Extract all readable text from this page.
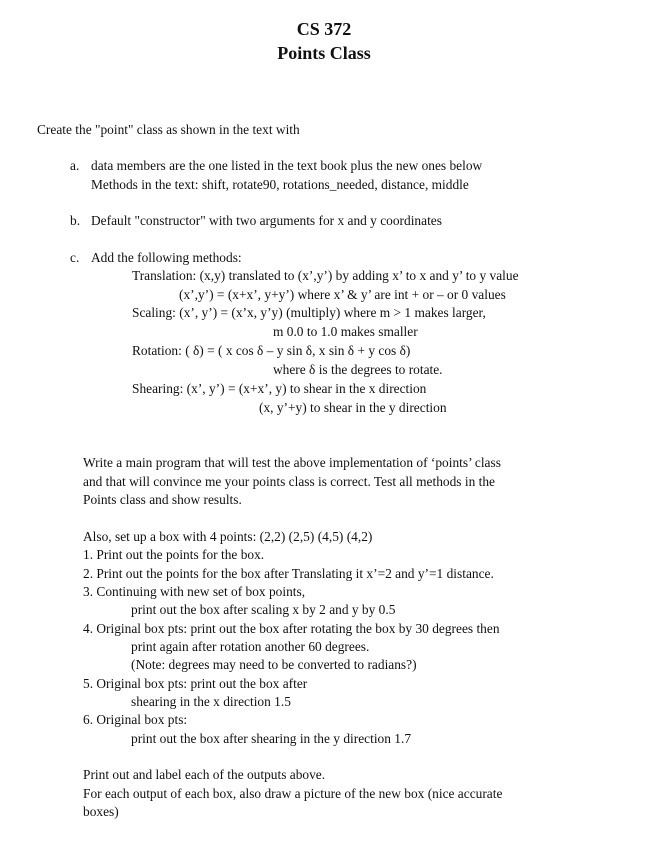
CS 372
Points Class
Create the "point" class as shown in the text with
a. data members are the one listed in the text book plus the new ones below
Methods in the text: shift, rotate90, rotations_needed, distance, middle
b. Default "constructor" with two arguments for x and y coordinates
c. Add the following methods:
Translation: (x,y) translated to (x’,y’) by adding x’ to x and y’ to y value
(x’,y’) = (x+x’, y+y’) where x’ & y’ are int + or – or 0 values
Scaling: (x’, y’) = (x’x, y’y) (multiply) where m > 1 makes larger,
m 0.0 to 1.0 makes smaller
Rotation: ( δ) = ( x cos δ – y sin δ, x sin δ + y cos δ)
where δ is the degrees to rotate.
Shearing: (x’, y’) = (x+x’, y) to shear in the x direction
(x, y’+y) to shear in the y direction
Write a main program that will test the above implementation of ‘points’ class
and that will convince me your points class is correct. Test all methods in the
Points class and show results.
Also, set up a box with 4 points: (2,2) (2,5) (4,5) (4,2)
1. Print out the points for the box.
2. Print out the points for the box after Translating it x’=2 and y’=1 distance.
3. Continuing with new set of box points,
print out the box after scaling x by 2 and y by 0.5
4. Original box pts: print out the box after rotating the box by 30 degrees then
print again after rotation another 60 degrees.
(Note: degrees may need to be converted to radians?)
5. Original box pts: print out the box after
shearing in the x direction 1.5
6. Original box pts:
print out the box after shearing in the y direction 1.7
Print out and label each of the outputs above.
For each output of each box, also draw a picture of the new box (nice accurate
boxes)
